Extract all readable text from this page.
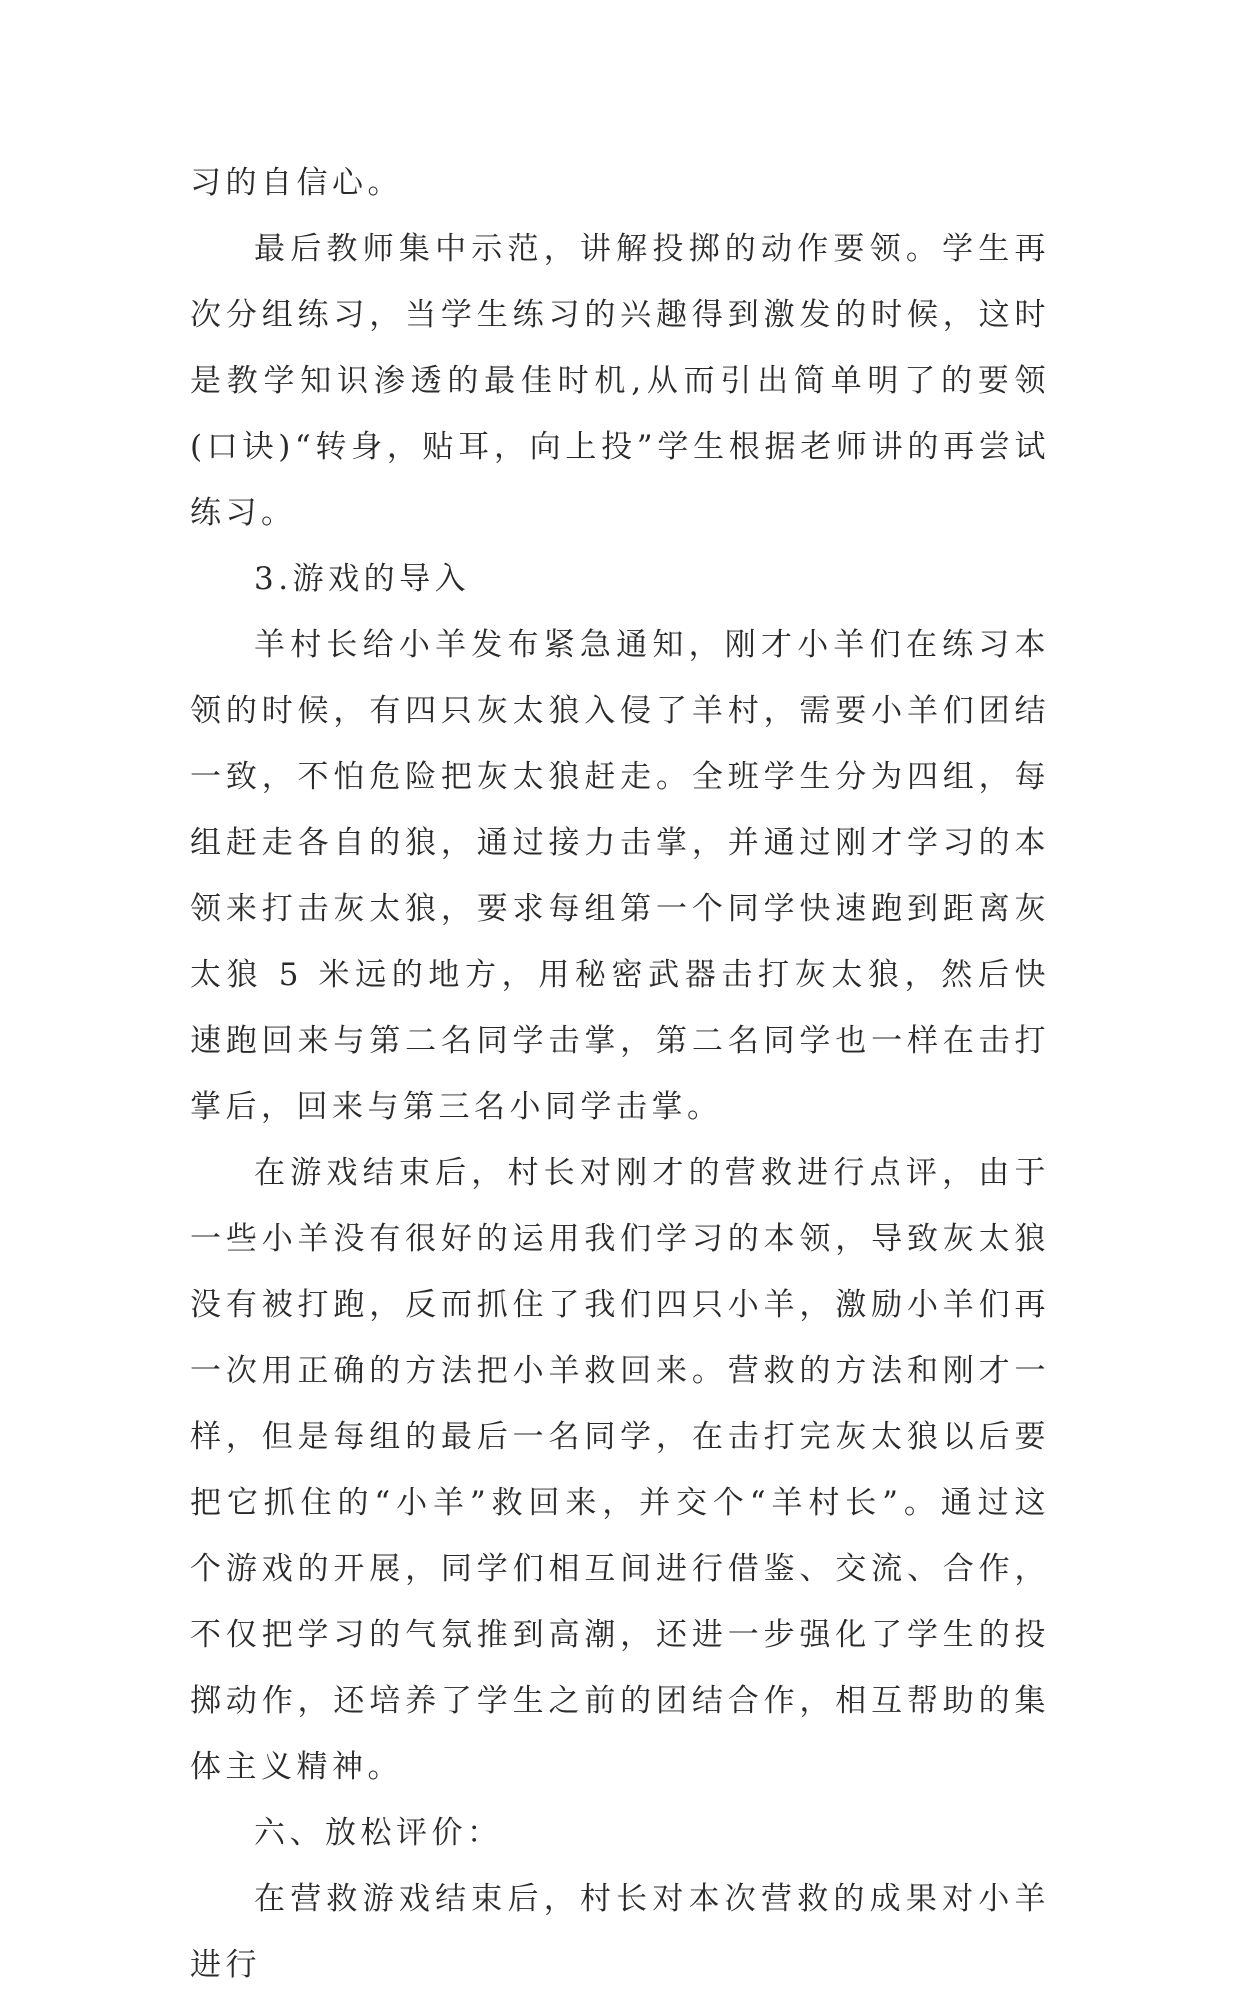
习的自信心。

最后教师集中示范，讲解投掷的动作要领。学生再次分组练习，当学生练习的兴趣得到激发的时候，这时是教学知识渗透的最佳时机,从而引出简单明了的要领(口诀)“转身，贴耳，向上投”学生根据老师讲的再尝试练习。

3.游戏的导入

羊村长给小羊发布紧急通知，刚才小羊们在练习本领的时候，有四只灰太狼入侵了羊村，需要小羊们团结一致，不怕危险把灰太狼赶走。全班学生分为四组，每组赶走各自的狼，通过接力击掌，并通过刚才学习的本领来打击灰太狼，要求每组第一个同学快速跑到距离灰太狼 5 米远的地方，用秘密武器击打灰太狼，然后快速跑回来与第二名同学击掌，第二名同学也一样在击打掌后，回来与第三名小同学击掌。

在游戏结束后，村长对刚才的营救进行点评，由于一些小羊没有很好的运用我们学习的本领，导致灰太狼没有被打跑，反而抓住了我们四只小羊，激励小羊们再一次用正确的方法把小羊救回来。营救的方法和刚才一样，但是每组的最后一名同学，在击打完灰太狼以后要把它抓住的“小羊”救回来，并交个“羊村长”。通过这个游戏的开展，同学们相互间进行借鉴、交流、合作，不仅把学习的气氛推到高潮，还进一步强化了学生的投掷动作，还培养了学生之前的团结合作，相互帮助的集体主义精神。

六、放松评价：

在营救游戏结束后，村长对本次营救的成果对小羊进行
